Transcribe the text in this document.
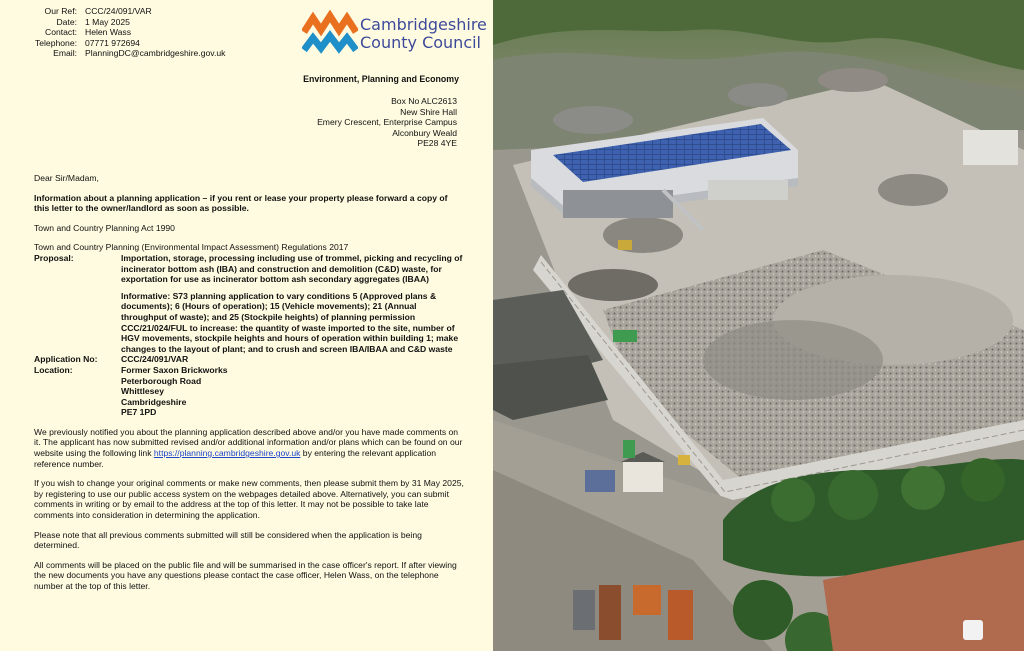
Our Ref: CCC/24/091/VAR
Date: 1 May 2025
Contact: Helen Wass
Telephone: 07771 972694
Email: PlanningDC@cambridgeshire.gov.uk
Cambridgeshire
County Council
Environment, Planning and Economy
Box No ALC2613
New Shire Hall
Emery Crescent, Enterprise Campus
Alconbury Weald
PE28 4YE
Dear Sir/Madam,
Information about a planning application – if you rent or lease your property please forward a copy of this letter to the owner/landlord as soon as possible.
Town and Country Planning Act 1990
Town and Country Planning (Environmental Impact Assessment) Regulations 2017
Proposal:	Importation, storage, processing including use of trommel, picking and recycling of incinerator bottom ash (IBA) and construction and demolition (C&D) waste, for exportation for use as incinerator bottom ash secondary aggregates (IBAA)
Informative: S73 planning application to vary conditions 5 (Approved plans & documents); 6 (Hours of operation); 15 (Vehicle movements); 21 (Annual throughput of waste); and 25 (Stockpile heights) of planning permission CCC/21/024/FUL to increase: the quantity of waste imported to the site, number of HGV movements, stockpile heights and hours of operation within building 1; make changes to the layout of plant; and to crush and screen IBA/IBAA and C&D waste
Application No:	CCC/24/091/VAR
Location:	Former Saxon Brickworks
Peterborough Road
Whittlesey
Cambridgeshire
PE7 1PD
We previously notified you about the planning application described above and/or you have made comments on it. The applicant has now submitted revised and/or additional information and/or plans which can be found on our website using the following link https://planning.cambridgeshire.gov.uk by entering the relevant application reference number.
If you wish to change your original comments or make new comments, then please submit them by 31 May 2025, by registering to use our public access system on the webpages detailed above. Alternatively, you can submit comments in writing or by email to the address at the top of this letter. It may not be possible to take late comments into consideration in determining the application.
Please note that all previous comments submitted will still be considered when the application is being determined.
All comments will be placed on the public file and will be summarised in the case officer's report. If after viewing the new documents you have any questions please contact the case officer, Helen Wass, on the telephone number at the top of this letter.
